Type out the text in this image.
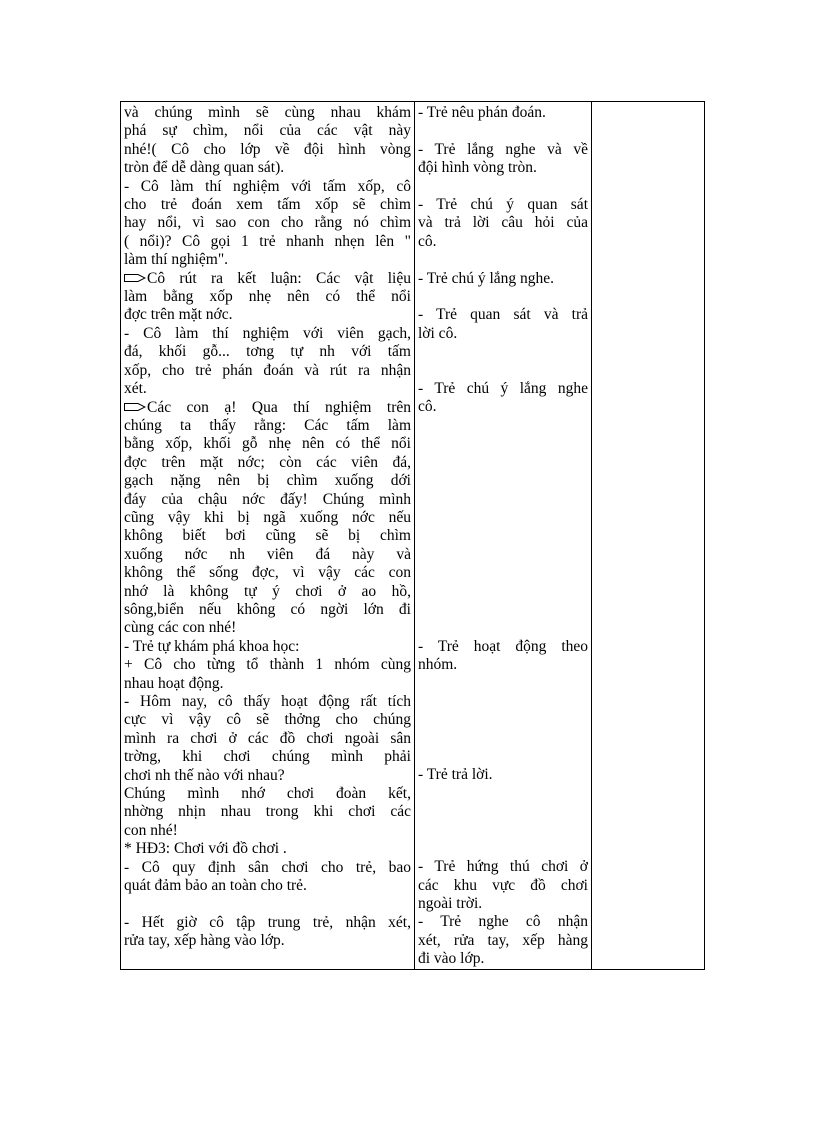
và chúng mình sẽ cùng nhau khám
phá sự chìm, nổi của các vật này
nhé!( Cô cho lớp về đội hình vòng
tròn để dễ dàng quan sát).
- Cô làm thí nghiệm với tấm xốp, cô
cho trẻ đoán xem tấm xốp sẽ chìm
hay nổi, vì sao con cho rằng nó chìm
( nổi)? Cô gọi 1 trẻ nhanh nhẹn lên "
làm thí nghiệm".
Cô rút ra kết luận: Các vật liệu
làm bằng xốp nhẹ nên có thể nổi
đợc trên mặt nớc.
- Cô làm thí nghiệm với viên gạch,
đá, khối gỗ... tơng tự nh với tấm
xốp, cho trẻ phán đoán và rút ra nhận
xét.
Các con ạ! Qua thí nghiệm trên
chúng ta thấy rằng: Các tấm làm
bằng xốp, khối gỗ nhẹ nên có thể nổi
đợc trên mặt nớc; còn các viên đá,
gạch nặng nên bị chìm xuống dới
đáy của chậu nớc đấy! Chúng mình
cũng vậy khi bị ngã xuống nớc nếu
không biết bơi cũng sẽ bị chìm
xuống nớc nh viên đá này và
không thể sống đợc, vì vậy các con
nhớ là không tự ý chơi ở ao hồ,
sông,biển nếu không có ngời lớn đi
cùng các con nhé!
- Trẻ tự khám phá khoa học:
+ Cô cho từng tổ thành 1 nhóm cùng
nhau hoạt động.
- Hôm nay, cô thấy hoạt động rất tích
cực vì vậy cô sẽ thởng cho chúng
mình ra chơi ở các đồ chơi ngoài sân
trờng, khi chơi chúng mình phải
chơi nh thế nào với nhau?
Chúng mình nhớ chơi đoàn kết,
nhờng nhịn nhau trong khi chơi các
con nhé!
* HĐ3: Chơi với đồ chơi .
- Cô quy định sân chơi cho trẻ, bao
quát đảm bảo an toàn cho trẻ.
- Hết giờ cô tập trung trẻ, nhận xét,
rửa tay, xếp hàng vào lớp.

- Trẻ nêu phán đoán.
- Trẻ lắng nghe và về
đội hình vòng tròn.
- Trẻ chú ý quan sát
và trả lời câu hỏi của
cô.
- Trẻ chú ý lắng nghe.
- Trẻ quan sát và trả
lời cô.
- Trẻ chú ý lắng nghe
cô.
- Trẻ hoạt động theo
nhóm.
- Trẻ trả lời.
- Trẻ hứng thú chơi ở
các khu vực đồ chơi
ngoài trời.
- Trẻ nghe cô nhận
xét, rửa tay, xếp hàng
đi vào lớp.
